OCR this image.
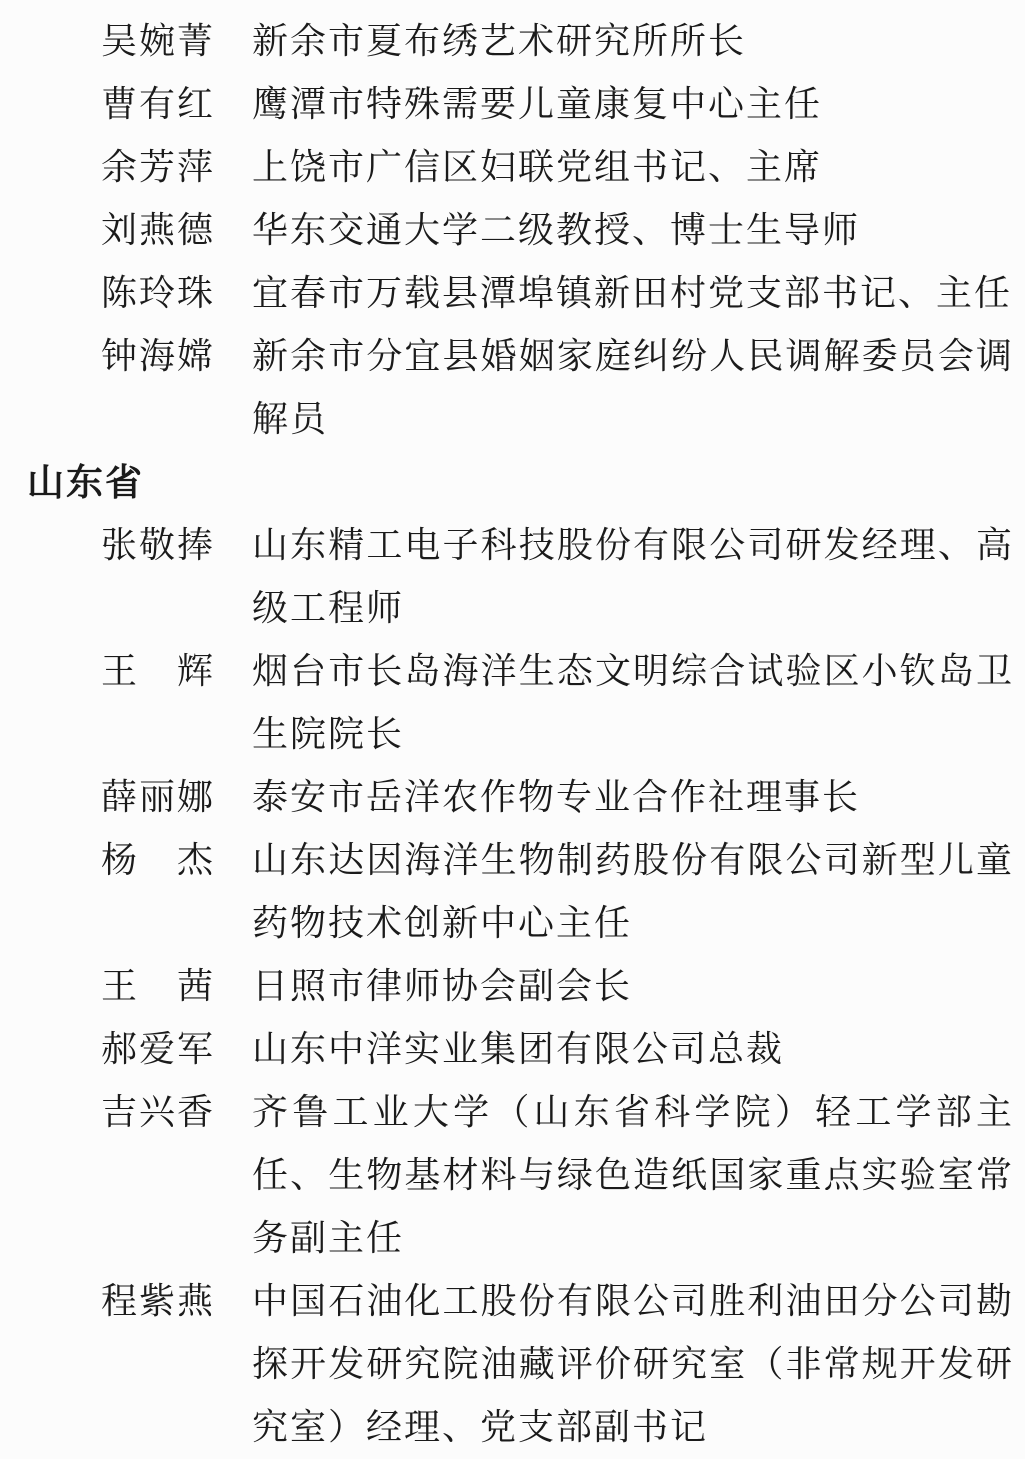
吴婉菁	新余市夏布绣艺术研究所所长
曹有红	鹰潭市特殊需要儿童康复中心主任
余芳萍	上饶市广信区妇联党组书记、主席
刘燕德	华东交通大学二级教授、博士生导师
陈玲珠	宜春市万载县潭埠镇新田村党支部书记、主任
钟海嫦	新余市分宜县婚姻家庭纠纷人民调解委员会调解员
山东省
张敬捧	山东精工电子科技股份有限公司研发经理、高级工程师
王　辉	烟台市长岛海洋生态文明综合试验区小钦岛卫生院院长
薛丽娜	泰安市岳洋农作物专业合作社理事长
杨　杰	山东达因海洋生物制药股份有限公司新型儿童药物技术创新中心主任
王　茜	日照市律师协会副会长
郝爱军	山东中洋实业集团有限公司总裁
吉兴香	齐鲁工业大学（山东省科学院）轻工学部主任、生物基材料与绿色造纸国家重点实验室常务副主任
程紫燕	中国石油化工股份有限公司胜利油田分公司勘探开发研究院油藏评价研究室（非常规开发研究室）经理、党支部副书记
